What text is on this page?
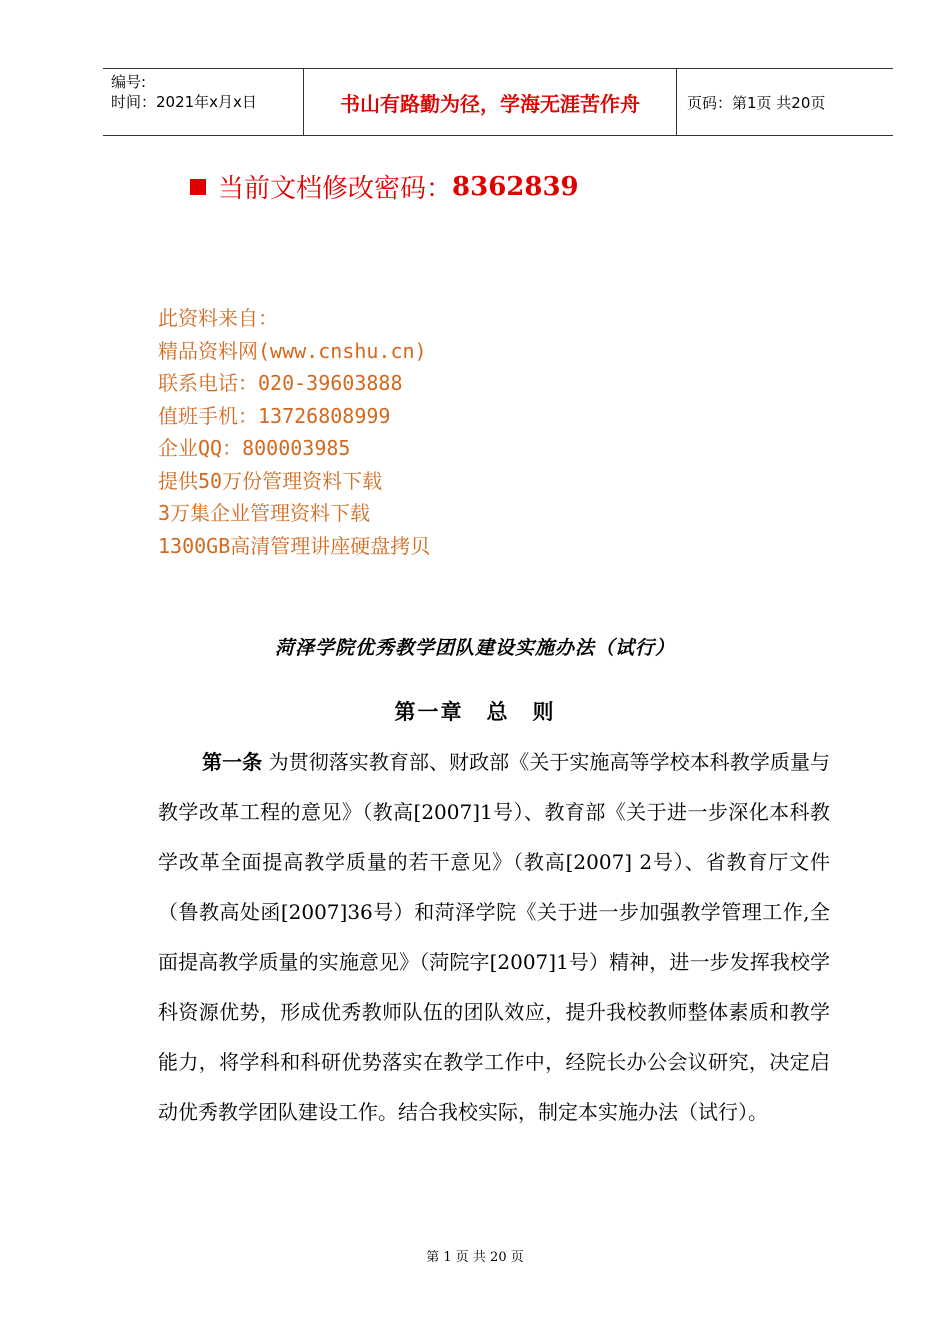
编号:
时间：2021年x月x日	书山有路勤为径，学海无涯苦作舟	页码：第1页 共20页
当前文档修改密码： 8362839
此资料来自：
精品资料网(www.cnshu.cn)
联系电话：020-39603888
值班手机：13726808999
企业QQ：800003985
提供50万份管理资料下载
3万集企业管理资料下载
1300GB高清管理讲座硬盘拷贝
菏泽学院优秀教学团队建设实施办法（试行）
第一章　总　则
第一条 为贯彻落实教育部、财政部《关于实施高等学校本科教学质量与教学改革工程的意见》（教高[2007]1号）、教育部《关于进一步深化本科教学改革全面提高教学质量的若干意见》（教高[2007] 2号）、省教育厅文件（鲁教高处函[2007]36号）和菏泽学院《关于进一步加强教学管理工作,全面提高教学质量的实施意见》（菏院字[2007]1号）精神，进一步发挥我校学科资源优势，形成优秀教师队伍的团队效应，提升我校教师整体素质和教学能力，将学科和科研优势落实在教学工作中，经院长办公会议研究，决定启动优秀教学团队建设工作。结合我校实际，制定本实施办法（试行）。
第 1 页 共 20 页
